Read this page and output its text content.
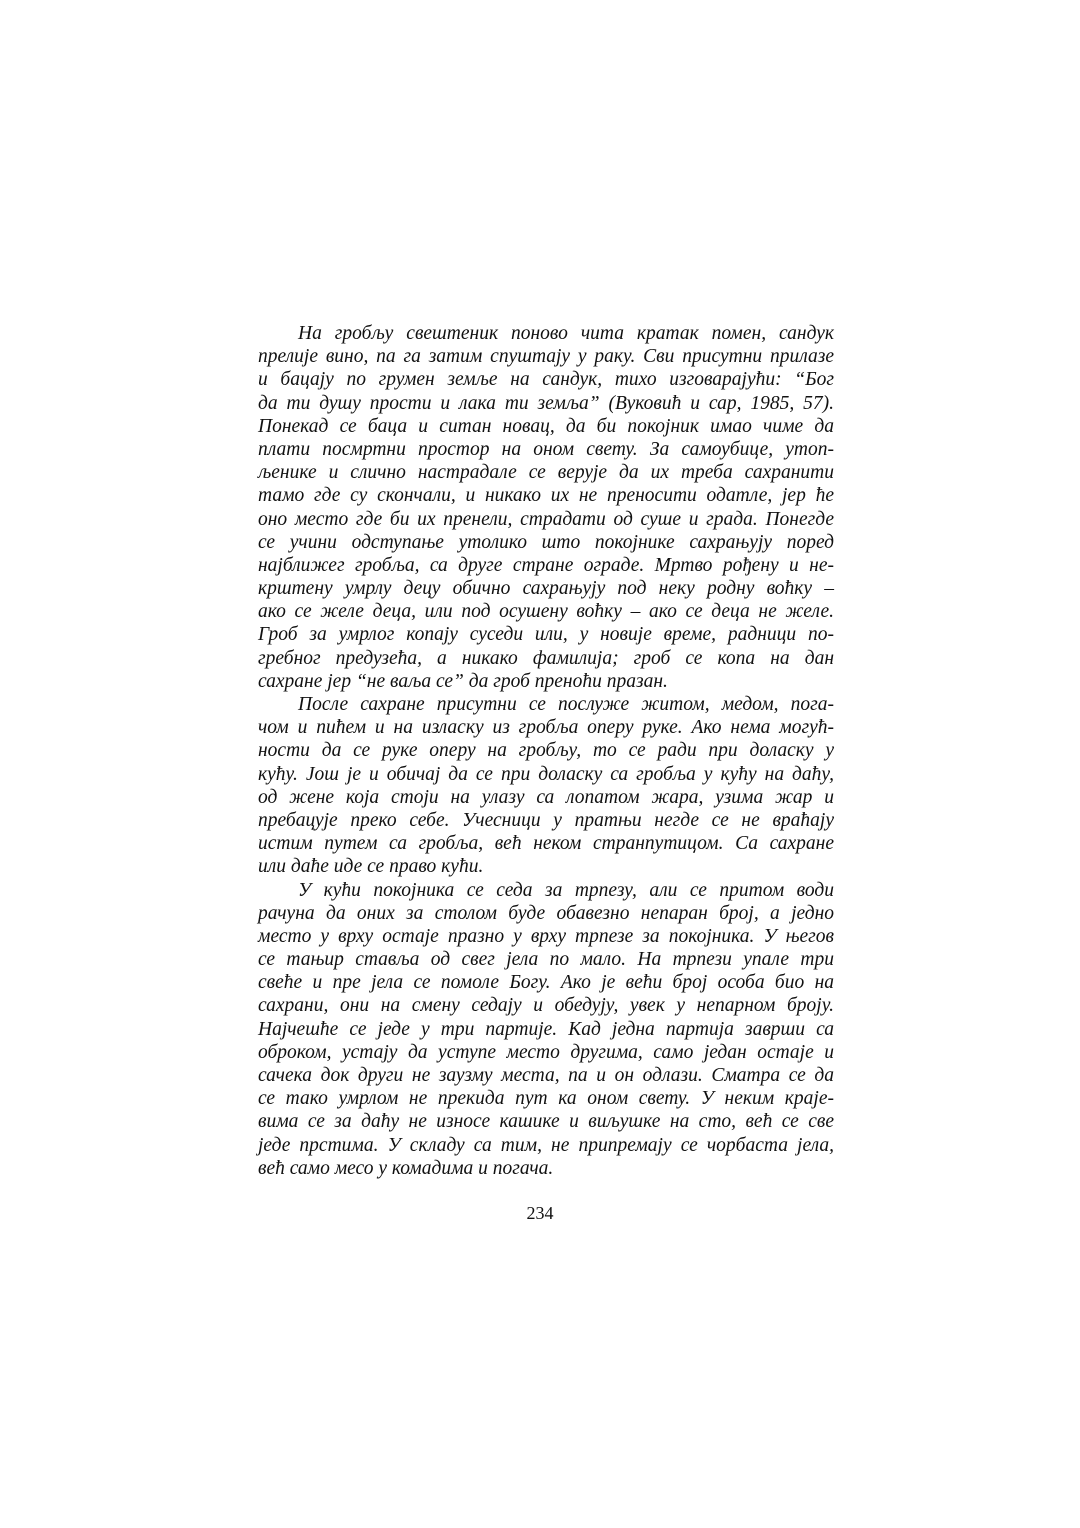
На гробљу свештеник поново чита кратак помен, сандук
прелије вино, па га затим спуштају у раку. Сви присутни прилазе
и бацају по грумен земље на сандук, тихо изговарајући: “Бог
да ти душу прости и лака ти земља” (Вуковић и сар, 1985, 57).
Понекад се баца и ситан новац, да би покојник имао чиме да
плати посмртни простор на оном свету. За самоубице, утоп-
љенике и слично настрадале се верује да их треба сахранити
тамо где су скончали, и никако их не преносити одатле, јер ће
оно место где би их пренели, страдати од суше и града. Понегде
се учини одступање утолико што покојнике сахрањују поред
најближег гробља, са друге стране ограде. Мртво рођену и не-
крштену умрлу децу обично сахрањују под неку родну воћку –
ако се желе деца, или под осушену воћку – ако се деца не желе.
Гроб за умрлог копају суседи или, у новије време, радници по-
гребног предузећа, а никако фамилија; гроб се копа на дан
сахране јер “не ваља се” да гроб преноћи празан.
После сахране присутни се послуже житом, медом, пога-
чом и пићем и на изласку из гробља оперу руке. Ако нема могућ-
ности да се руке оперу на гробљу, то се ради при доласку у
кућу. Још је и обичај да се при доласку са гробља у кућу на даћу,
од жене која стоји на улазу са лопатом жара, узима жар и
пребацује преко себе. Учесници у пратњи негде се не враћају
истим путем са гробља, већ неком странпутицом. Са сахране
или даће иде се право кући.
У кући покојника се седа за трпезу, али се притом води
рачуна да оних за столом буде обавезно непаран број, а једно
место у врху остаје празно у врху трпезе за покојника. У његов
се тањир ставља од свег јела по мало. На трпези упале три
свеће и пре јела се помоле Богу. Ако је већи број особа био на
сахрани, они на смену седају и обедују, увек у непарном броју.
Најчешће се једе у три партије. Кад једна партија заврши са
оброком, устају да уступе место другима, само један остаје и
сачека док други не заузму места, па и он одлази. Сматра се да
се тако умрлом не прекида пут ка оном свету. У неким краје-
вима се за даћу не износе кашике и виљушке на сто, већ се све
једе прстима. У складу са тим, не припремају се чорбаста јела,
већ само месо у комадима и погача.
234
